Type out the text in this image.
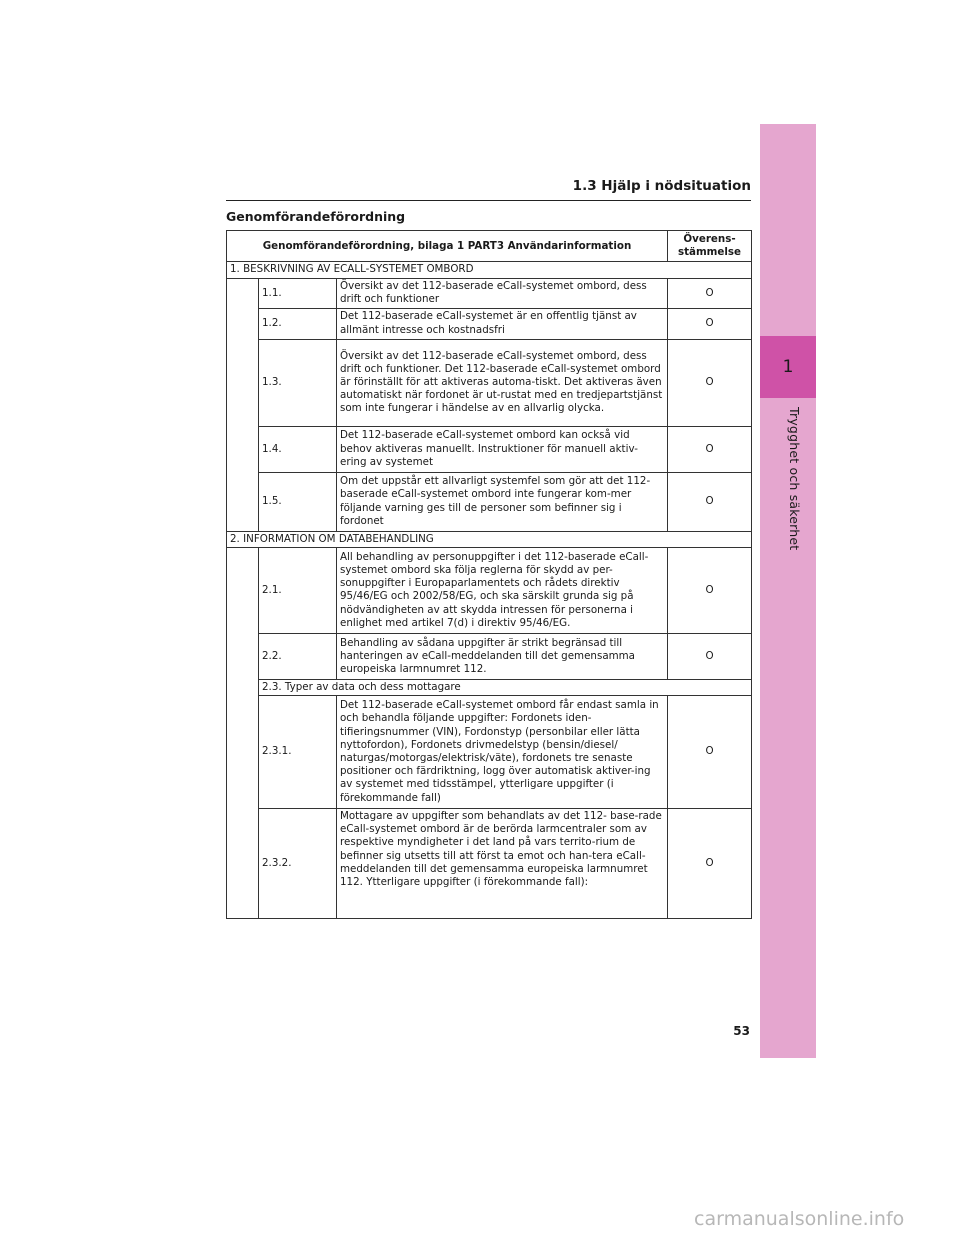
1
Trygghet och säkerhet
1.3 Hjälp i nödsituation
Genomförandeförordning
Genomförandeförordning, bilaga 1 PART3 Användarinformation			Överens-
stämmelse
1. BESKRIVNING AV ECALL-SYSTEMET OMBORD			
	1.1.	Översikt av det 112-baserade eCall-systemet ombord, dess drift och funktioner	O
	1.2.	Det 112-baserade eCall-systemet är en offentlig tjänst av allmänt intresse och kostnadsfri	O
	1.3.	Översikt av det 112-baserade eCall-systemet ombord, dess drift och funktioner. Det 112-baserade eCall-systemet ombord är förinställt för att aktiveras automa-tiskt. Det aktiveras även automatiskt när fordonet är ut-rustat med en tredjepartstjänst som inte fungerar i händelse av en allvarlig olycka.	O
	1.4.	Det 112-baserade eCall-systemet ombord kan också vid behov aktiveras manuellt. Instruktioner för manuell aktiv-ering av systemet	O
	1.5.	Om det uppstår ett allvarligt systemfel som gör att det 112-baserade eCall-systemet ombord inte fungerar kom-mer följande varning ges till de personer som befinner sig i fordonet	O
2. INFORMATION OM DATABEHANDLING			
	2.1.	All behandling av personuppgifter i det 112-baserade eCall-systemet ombord ska följa reglerna för skydd av per-sonuppgifter i Europaparlamentets och rådets direktiv 95/46/EG och 2002/58/EG, och ska särskilt grunda sig på nödvändigheten av att skydda intressen för personerna i enlighet med artikel 7(d) i direktiv 95/46/EG.	O
	2.2.	Behandling av sådana uppgifter är strikt begränsad till hanteringen av eCall-meddelanden till det gemensamma europeiska larmnumret 112.	O
	2.3. Typer av data och dess mottagare		
	2.3.1.	Det 112-baserade eCall-systemet ombord får endast samla in och behandla följande uppgifter: Fordonets iden-tifieringsnummer (VIN), Fordonstyp (personbilar eller lätta nyttofordon), Fordonets drivmedelstyp (bensin/diesel/ naturgas/motorgas/elektrisk/väte), fordonets tre senaste positioner och färdriktning, logg över automatisk aktiver-ing av systemet med tidsstämpel, ytterligare uppgifter (i förekommande fall)	O
	2.3.2.	Mottagare av uppgifter som behandlats av det 112- base-rade eCall-systemet ombord är de berörda larmcentraler som av respektive myndigheter i det land på vars territo-rium de befinner sig utsetts till att först ta emot och han-tera eCall-meddelanden till det gemensamma europeiska larmnumret 112. Ytterligare uppgifter (i förekommande fall):	O
53
carmanualsonline.info
